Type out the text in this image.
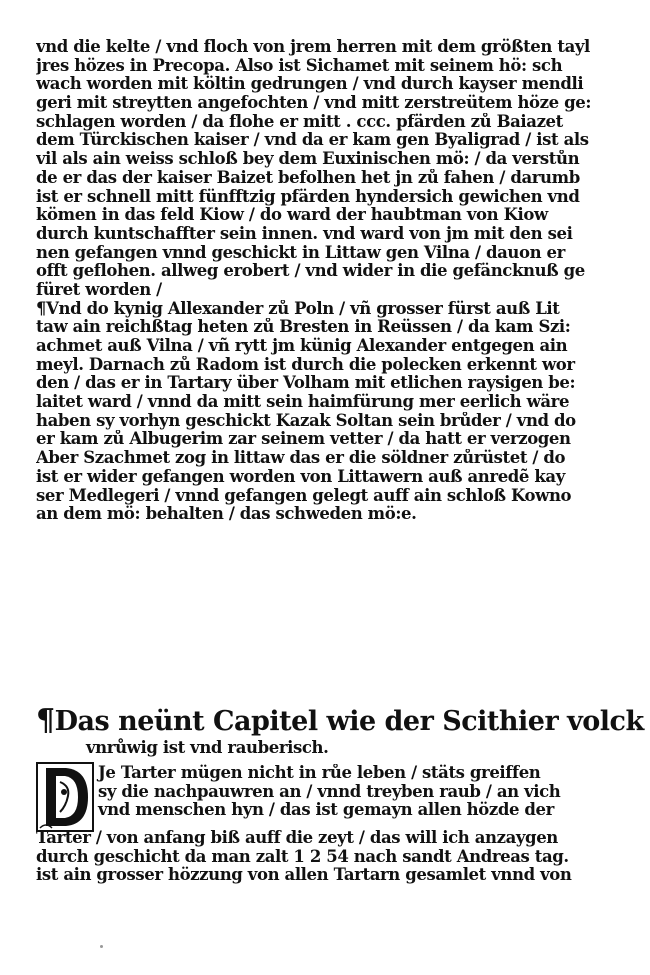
vnd die kelte / vnd floch von jrem herren mit dem größten tayl
jres hözes in Precopa. Also ist Sichamet mit seinem hö: sch
wach worden mit költin gedrungen / vnd durch kayser mendli
geri mit streytten angefochten / vnd mitt zerstreütem höze ge:
schlagen worden / da flohe er mitt . ccc. pfärden zů Baiazet
dem Türckischen kaiser / vnd da er kam gen Byaligrad / ist als
vil als ain weiss schloß bey dem Euxinischen mö: / da verstůn
de er das der kaiser Baizet befolhen het jn zů fahen / darumb
ist er schnell mitt fünfftzig pfärden hyndersich gewichen vnd
kömen in das feld Kiow / do ward der haubtman von Kiow
durch kuntschaffter sein innen. vnd ward von jm mit den sei
nen gefangen vnnd geschickt in Littaw gen Vilna / dauon er
offt geflohen. allweg erobert / vnd wider in die gefäncknuß ge
füret worden /
¶Vnd do kynig Allexander zů Poln / vñ grosser fürst auß Lit
taw ain reichßtag heten zů Bresten in Reüssen / da kam Szi:
achmet auß Vilna / vñ rytt jm künig Alexander entgegen ain
meyl. Darnach zů Radom ist durch die polecken erkennt wor
den / das er in Tartary über Volham mit etlichen raysigen be:
laitet ward / vnnd da mitt sein haimfürung mer eerlich wäre
haben sy vorhyn geschickt Kazak Soltan sein brůder / vnd do
er kam zů Albugerim zar seinem vetter / da hatt er verzogen
Aber Szachmet zog in littaw das er die söldner zůrüstet / do
ist er wider gefangen worden von Littawern auß anredẽ kay
ser Medlegeri / vnnd gefangen gelegt auff ain schloß Kowno
an dem mö: behalten / das schweden mö:e.
¶Das neünt Capitel wie der Scithier volck
vnrůwig ist vnd rauberisch.
D
Je Tarter mügen nicht in růe leben / stäts greiffen
sy die nachpauwren an / vnnd treyben raub / an vich
vnd menschen hyn / das ist gemayn allen hözde der
Tarter / von anfang biß auff die zeyt / das will ich anzaygen
durch geschicht da man zalt 1 2 54 nach sandt Andreas tag.
ist ain grosser hözzung von allen Tartarn gesamlet vnnd von
